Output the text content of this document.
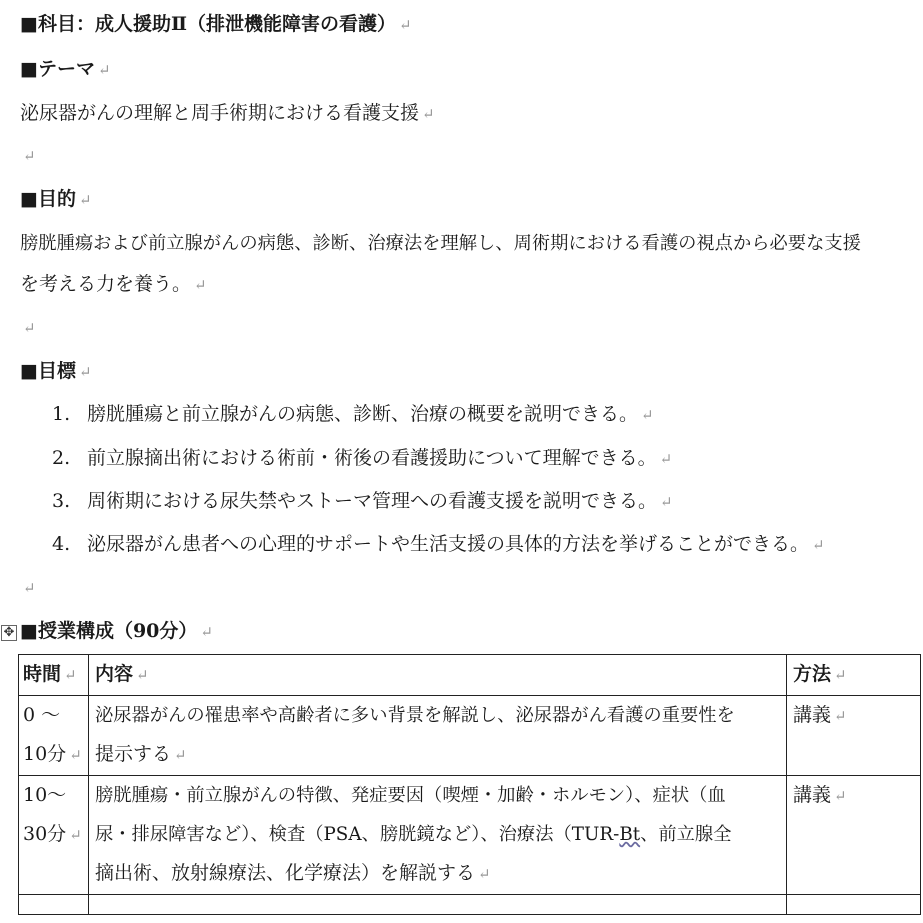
■科目：成人援助Ⅱ（排泄機能障害の看護） ↵
■テーマ ↵
泌尿器がんの理解と周手術期における看護支援 ↵
↵
■目的 ↵
膀胱腫瘍および前立腺がんの病態、診断、治療法を理解し、周術期における看護の視点から必要な支援
を考える力を養う。 ↵
↵
■目標 ↵
1. 膀胱腫瘍と前立腺がんの病態、診断、治療の概要を説明できる。 ↵
2. 前立腺摘出術における術前・術後の看護援助について理解できる。 ↵
3. 周術期における尿失禁やストーマ管理への看護支援を説明できる。 ↵
4. 泌尿器がん患者への心理的サポートや生活支援の具体的方法を挙げることができる。 ↵
↵
✥ ■授業構成（90分） ↵
時間 ↵	内容 ↵	方法 ↵
0 ～
10分 ↵	泌尿器がんの罹患率や高齢者に多い背景を解説し、泌尿器がん看護の重要性を
提示する ↵	講義 ↵
10～
30分 ↵	膀胱腫瘍・前立腺がんの特徴、発症要因（喫煙・加齢・ホルモン）、症状（血
尿・排尿障害など）、検査（PSA、膀胱鏡など）、治療法（TUR-Bt、前立腺全
摘出術、放射線療法、化学療法）を解説する ↵	講義 ↵
